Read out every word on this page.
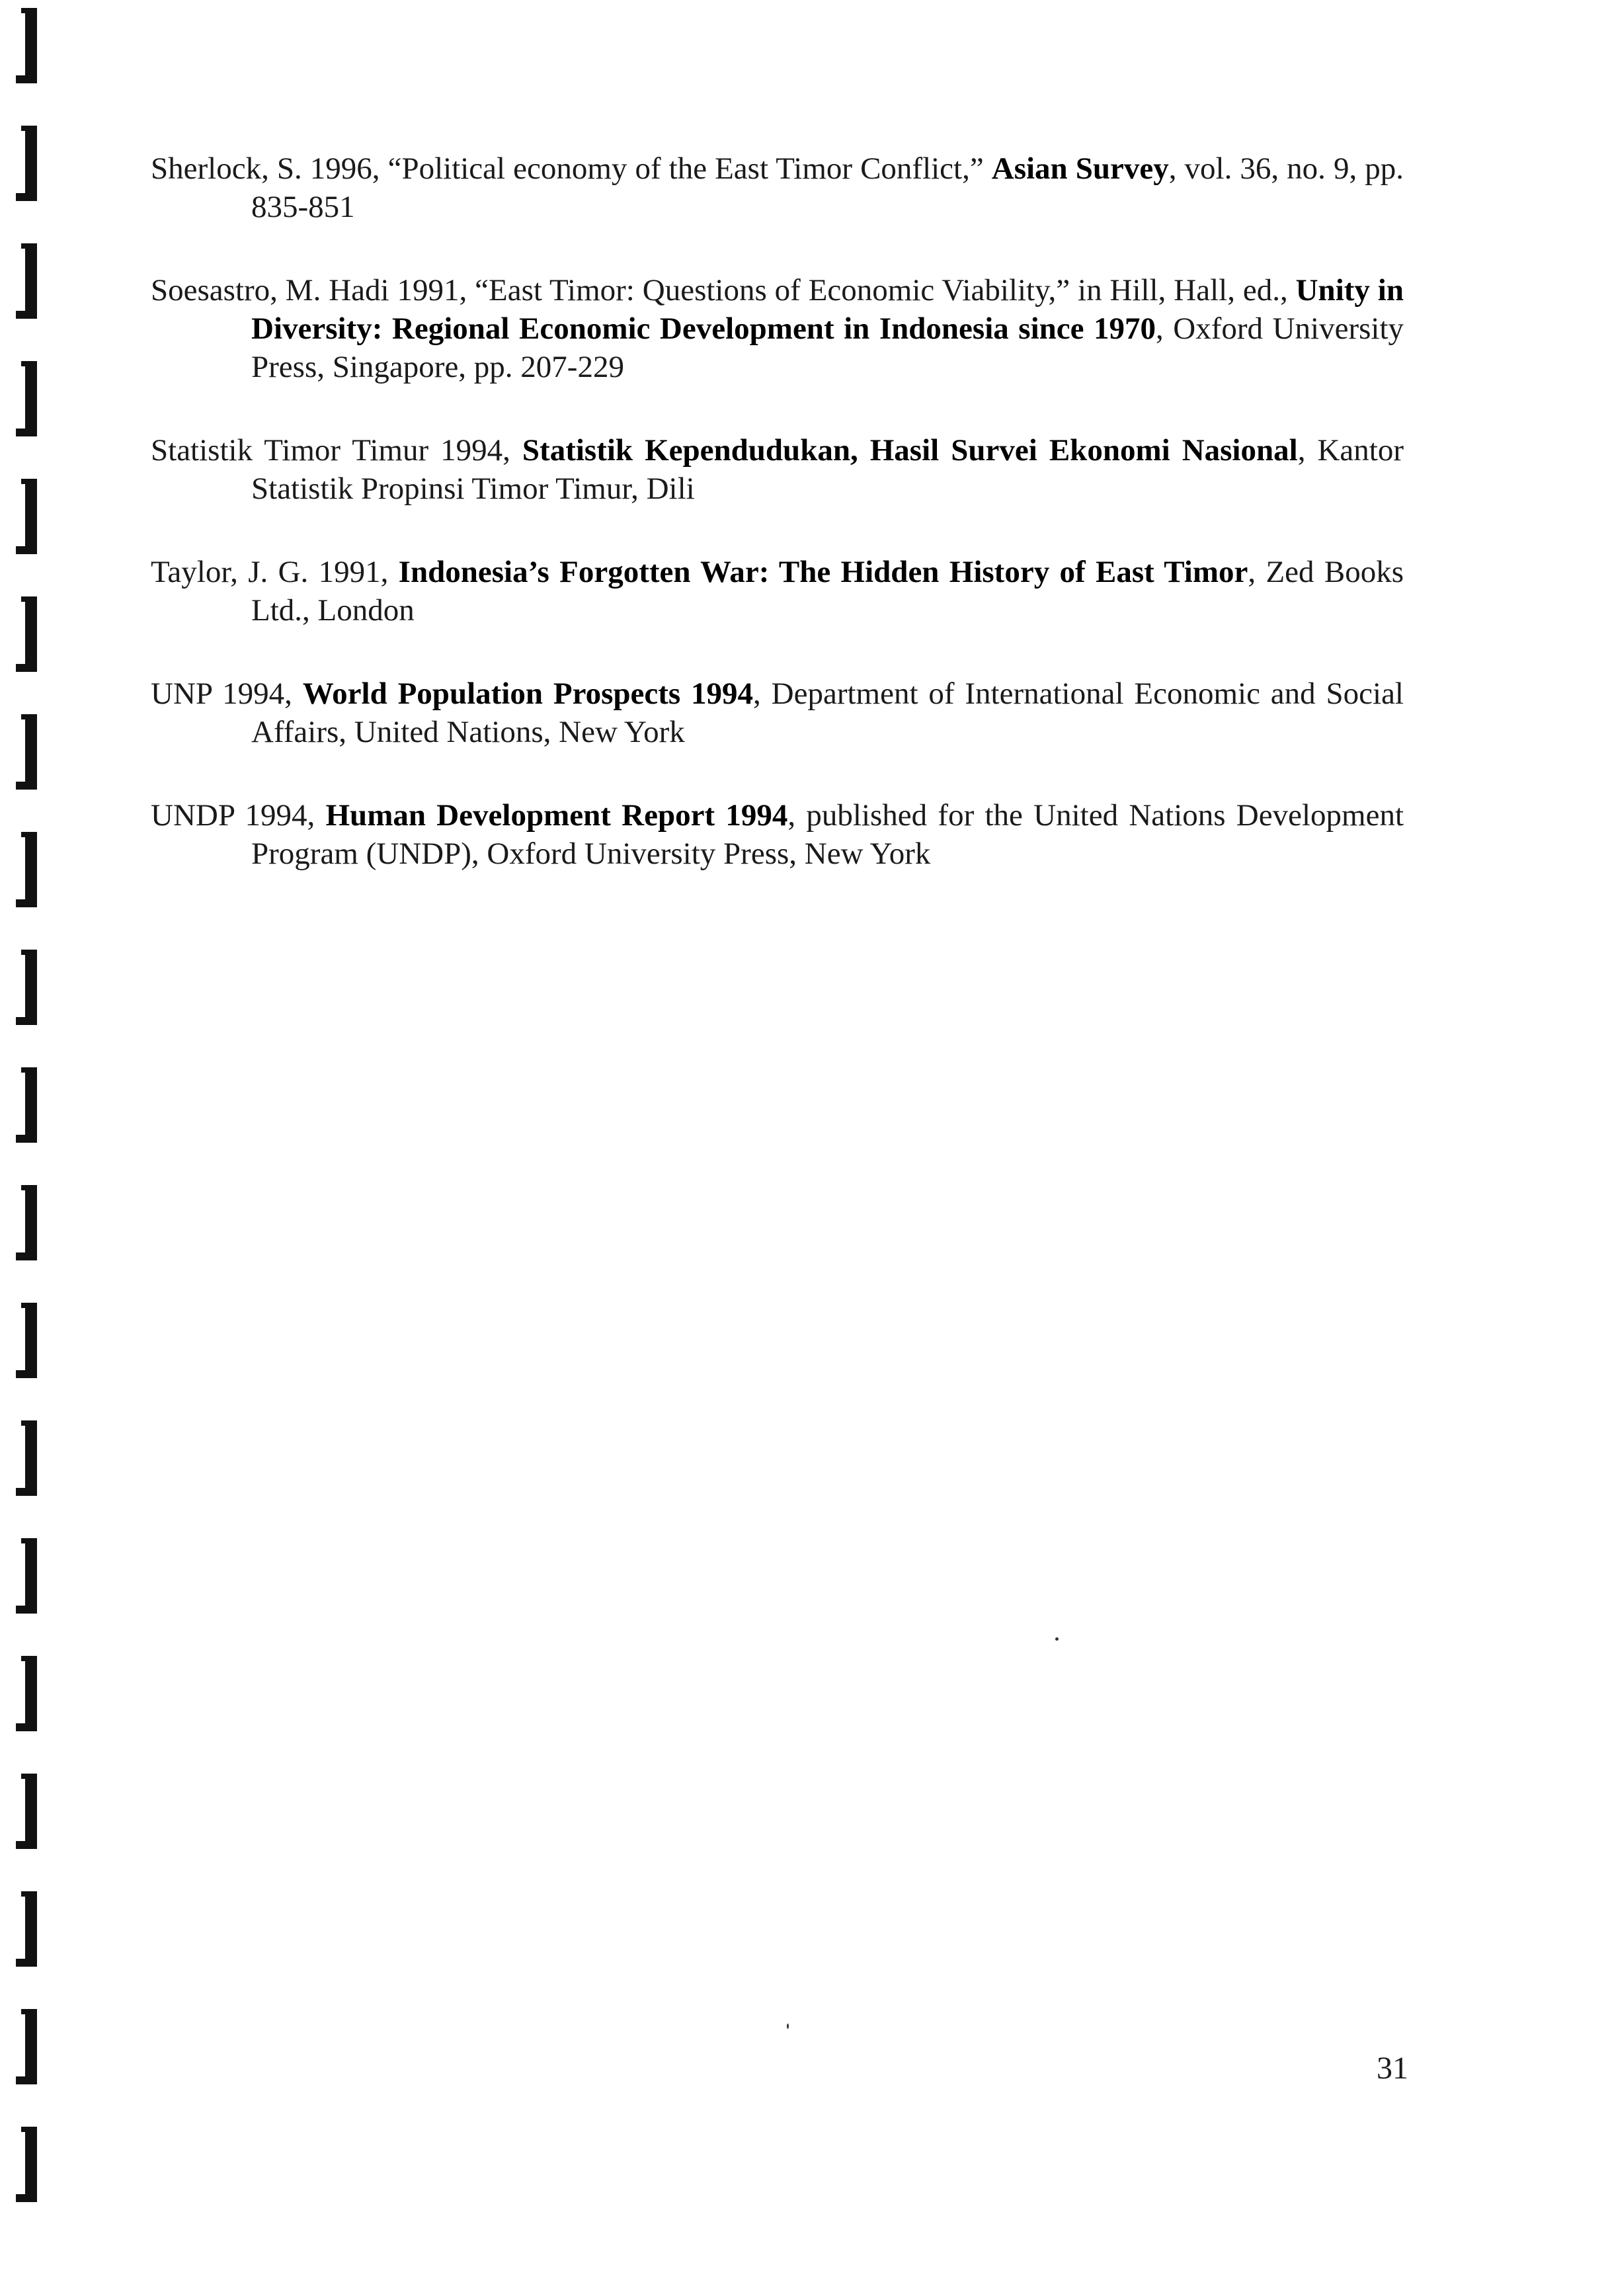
Sherlock, S. 1996, “Political economy of the East Timor Conflict,” Asian Survey, vol. 36, no. 9, pp. 835-851

Soesastro, M. Hadi 1991, “East Timor: Questions of Economic Viability,” in Hill, Hall, ed., Unity in Diversity: Regional Economic Development in Indonesia since 1970, Oxford University Press, Singapore, pp. 207-229

Statistik Timor Timur 1994, Statistik Kependudukan, Hasil Survei Ekonomi Nasional, Kantor Statistik Propinsi Timor Timur, Dili

Taylor, J. G. 1991, Indonesia’s Forgotten War: The Hidden History of East Timor, Zed Books Ltd., London

UNP 1994, World Population Prospects 1994, Department of International Economic and Social Affairs, United Nations, New York

UNDP 1994, Human Development Report 1994, published for the United Nations Development Program (UNDP), Oxford University Press, New York

31
